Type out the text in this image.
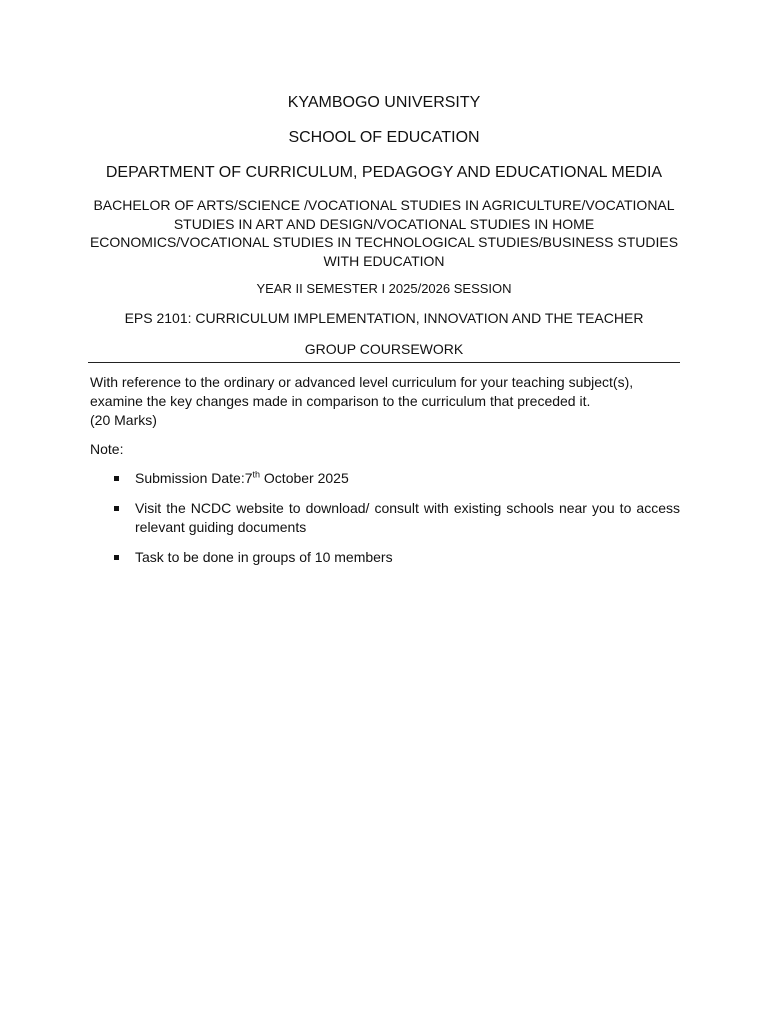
KYAMBOGO UNIVERSITY

SCHOOL OF EDUCATION

DEPARTMENT OF CURRICULUM, PEDAGOGY AND EDUCATIONAL MEDIA

BACHELOR OF ARTS/SCIENCE /VOCATIONAL STUDIES IN AGRICULTURE/VOCATIONAL STUDIES IN ART AND DESIGN/VOCATIONAL STUDIES IN HOME ECONOMICS/VOCATIONAL STUDIES IN TECHNOLOGICAL STUDIES/BUSINESS STUDIES WITH EDUCATION

YEAR II SEMESTER I 2025/2026 SESSION

EPS 2101: CURRICULUM IMPLEMENTATION, INNOVATION AND THE TEACHER

GROUP COURSEWORK

With reference to the ordinary or advanced level curriculum for your teaching subject(s),
examine the key changes made in comparison to the curriculum that preceded it.
(20 Marks)

Note:

Submission Date:7th October 2025
Visit the NCDC website to download/ consult with existing schools near you to access relevant guiding documents
Task to be done in groups of 10 members
